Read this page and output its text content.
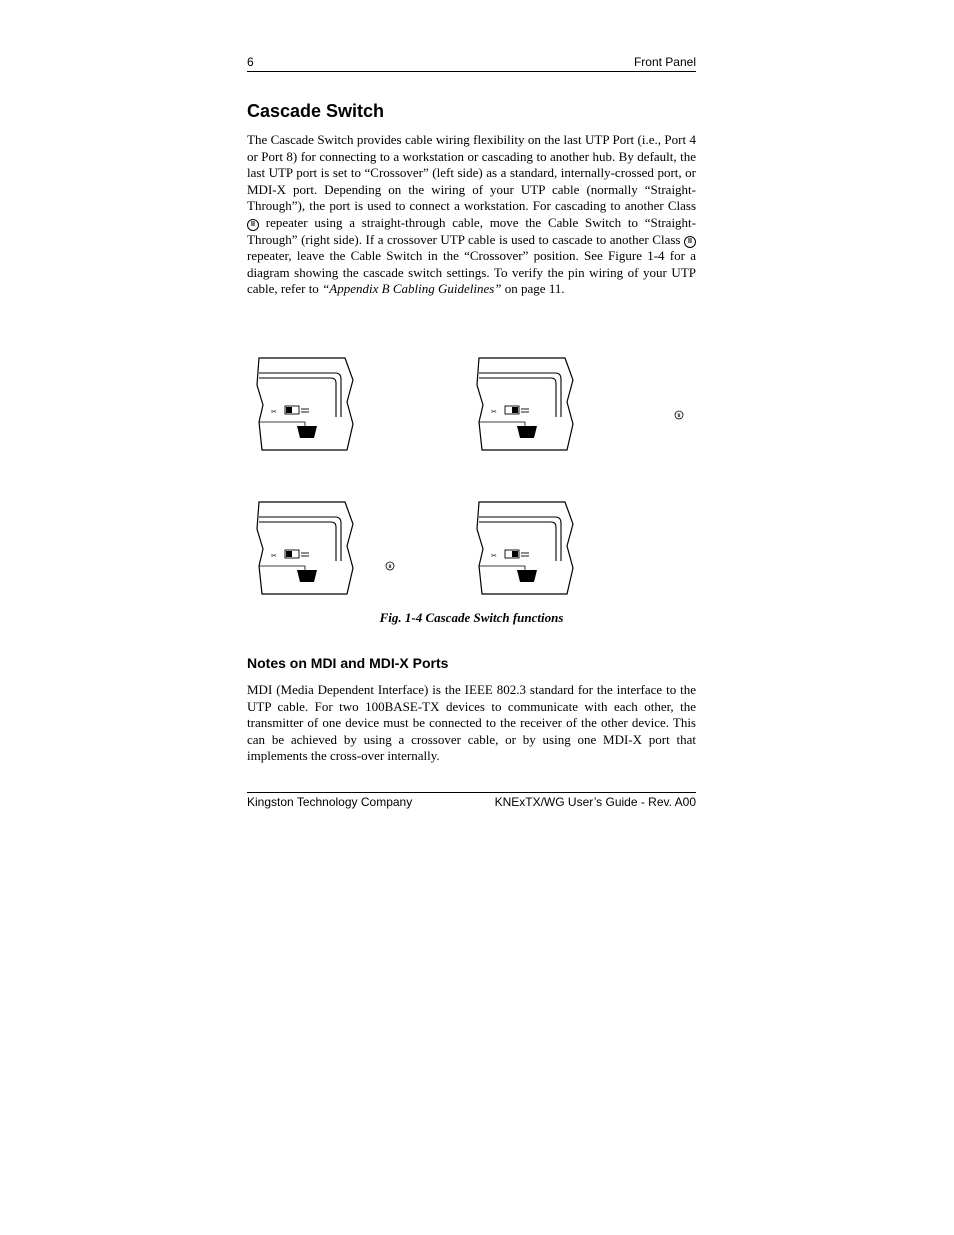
6	Front Panel
Cascade Switch

The Cascade Switch provides cable wiring flexibility on the last UTP Port (i.e., Port 4 or Port 8) for connecting to a workstation or cascading to another hub. By default, the last UTP port is set to “Crossover” (left side) as a standard, internally-crossed port, or MDI-X port. Depending on the wiring of your UTP cable (normally “Straight-Through”), the port is used to connect a workstation. For cascading to another Class II repeater using a straight-through cable, move the Cable Switch to “Straight-Through” (right side). If a crossover UTP cable is used to cascade to another Class II repeater, leave the Cable Switch in the “Crossover” position. See Figure 1-4 for a diagram showing the cascade switch settings. To verify the pin wiring of your UTP cable, refer to “Appendix B Cabling Guidelines” on page 11.

II
II
Fig. 1-4 Cascade Switch functions
Notes on MDI and MDI-X Ports

MDI (Media Dependent Interface) is the IEEE 802.3 standard for the interface to the UTP cable. For two 100BASE-TX devices to communicate with each other, the transmitter of one device must be connected to the receiver of the other device. This can be achieved by using a crossover cable, or by using one MDI-X port that implements the cross-over internally.

Kingston Technology Company	KNExTX/WG User’s Guide - Rev. A00
